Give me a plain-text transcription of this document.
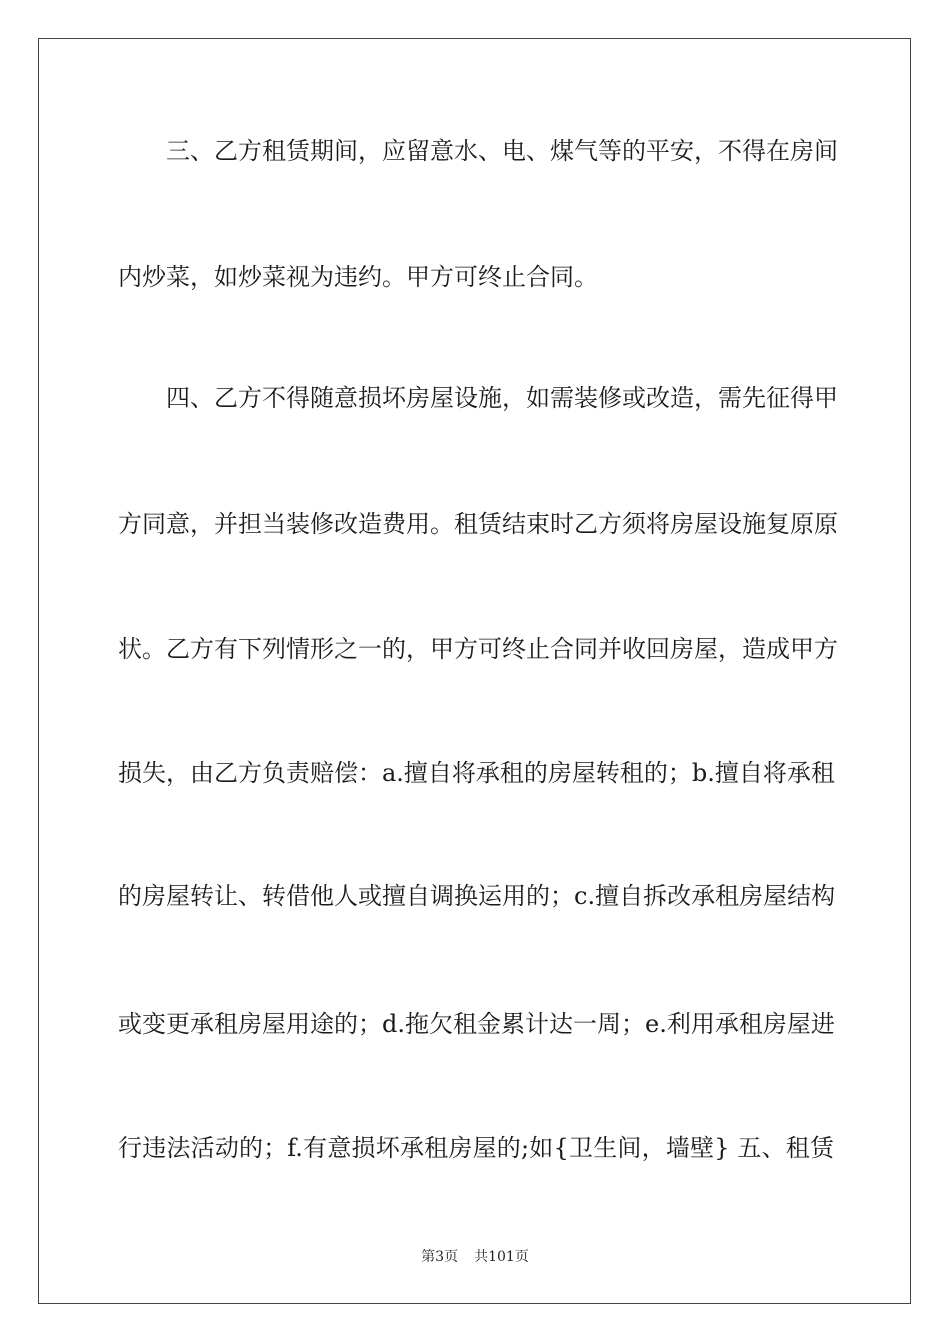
　　三、乙方租赁期间，应留意水、电、煤气等的平安，不得在房间
内炒菜，如炒菜视为违约。甲方可终止合同。
　　四、乙方不得随意损坏房屋设施，如需装修或改造，需先征得甲
方同意，并担当装修改造费用。租赁结束时乙方须将房屋设施复原原
状。乙方有下列情形之一的，甲方可终止合同并收回房屋，造成甲方
损失，由乙方负责赔偿：a.擅自将承租的房屋转租的；b.擅自将承租
的房屋转让、转借他人或擅自调换运用的；c.擅自拆改承租房屋结构
或变更承租房屋用途的；d.拖欠租金累计达一周；e.利用承租房屋进
行违法活动的；f.有意损坏承租房屋的;如{卫生间，墙壁} 五、租赁
第3页 共101页
